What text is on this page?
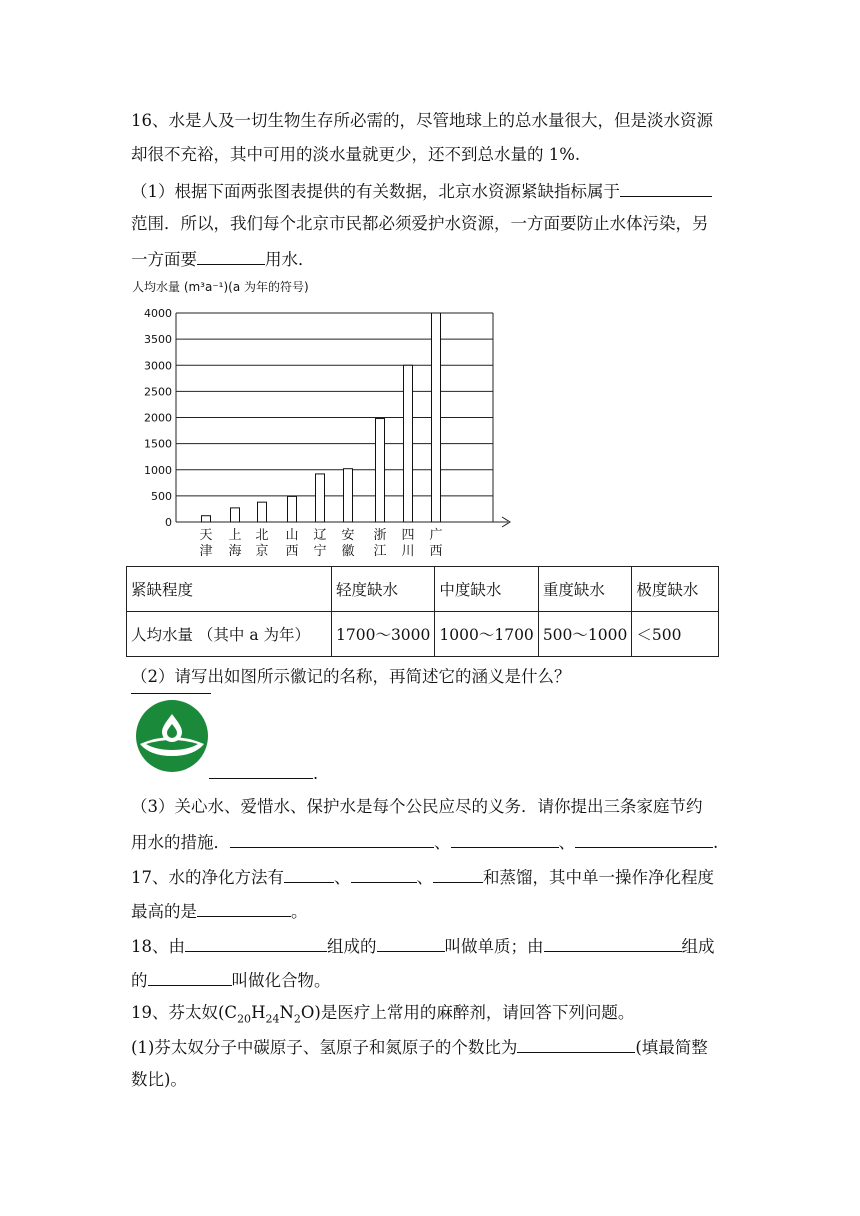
16、水是人及一切生物生存所必需的，尽管地球上的总水量很大，但是淡水资源
却很不充裕，其中可用的淡水量就更少，还不到总水量的 1%.
（1）根据下面两张图表提供的有关数据，北京水资源紧缺指标属于
范围．所以，我们每个北京市民都必须爱护水资源，一方面要防止水体污染，另
一方面要	用水．
人均水量 (m³a⁻¹)(a 为年的符号)
0
500
1000
1500
2000
2500
3000
3500
4000
天
津
上
海
北
京
山
西
辽
宁
安
徽
浙
江
四
川
广
西
紧缺程度	轻度缺水	中度缺水	重度缺水	极度缺水
人均水量 （其中 a 为年）	1700～3000	1000～1700	500～1000	＜500
（2）请写出如图所示徽记的名称，再简述它的涵义是什么？
.
（3）关心水、爱惜水、保护水是每个公民应尽的义务．请你提出三条家庭节约
用水的措施．	、	、	.
17、水的净化方法有	、	、	和蒸馏，其中单一操作净化程度
最高的是	。
18、由	组成的	叫做单质；由	组成
的	叫做化合物。
19、芬太奴$(C_{20}H_{24}N_2O)$是医疗上常用的麻醉剂，请回答下列问题。
(1)芬太奴分子中碳原子、氢原子和氮原子的个数比为	(填最简整
数比)。
